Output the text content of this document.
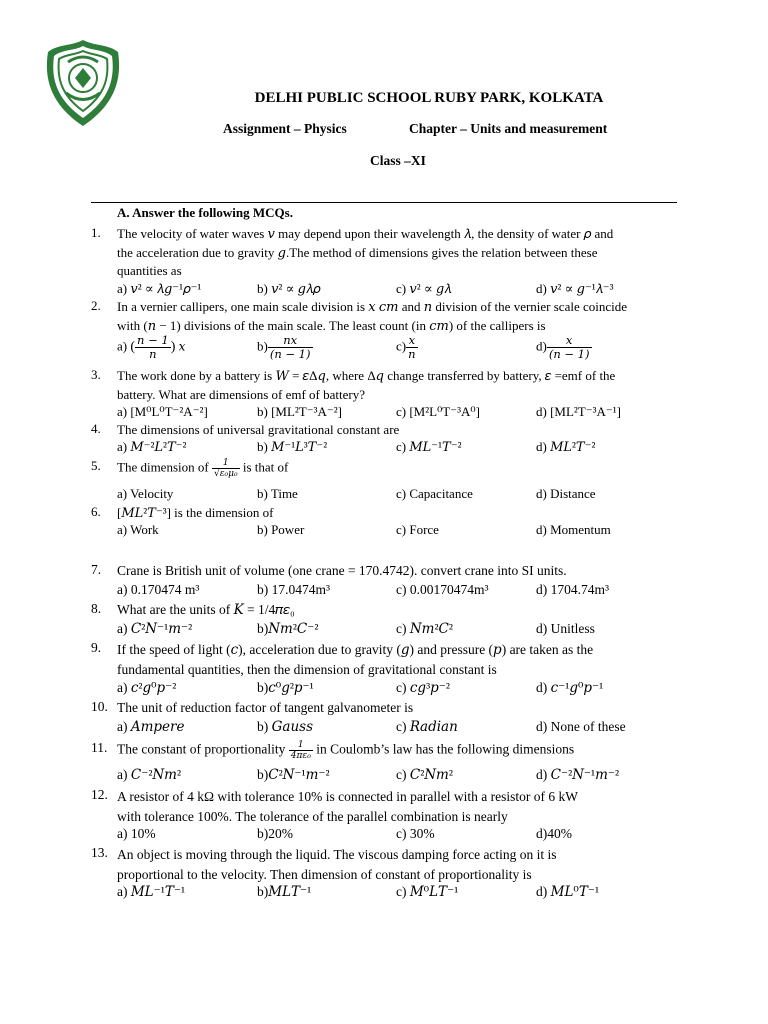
DELHI PUBLIC SCHOOL RUBY PARK, KOLKATA
Assignment – Physics	Chapter – Units and measurement
Class –XI
A. Answer the following MCQs.
1. The velocity of water waves 𝑣 may depend upon their wavelength 𝜆, the density of water 𝜌 and
the acceleration due to gravity 𝑔.The method of dimensions gives the relation between these
quantities as
a) 𝑣² ∝ 𝜆𝑔⁻¹𝜌⁻¹	b) 𝑣² ∝ 𝑔𝜆𝜌	c) 𝑣² ∝ 𝑔𝜆	d) 𝑣² ∝ 𝑔⁻¹𝜆⁻³
2. In a vernier callipers, one main scale division is 𝑥 𝑐𝑚 and 𝑛 division of the vernier scale coincide
with (𝑛 − 1) divisions of the main scale. The least count (in 𝑐𝑚) of the callipers is
a) ( $\frac{\text{𝑛 − 1}}{\text{𝑛}}$ ) 𝑥	$b) \frac{\text{𝑛𝑥}}{\text{(𝑛 − 1)}}$	$c) \frac{\text{𝑥}}{\text{𝑛}}$	$d) \frac{\text{𝑥}}{\text{(𝑛 − 1)}}$
3. The work done by a battery is 𝑊 = 𝜀Δ𝑞, where Δ𝑞 change transferred by battery, 𝜀 =emf of the
battery. What are dimensions of emf of battery?
a) [M⁰L⁰T⁻²A⁻²]	b) [ML²T⁻³A⁻²]	c) [M²L⁰T⁻³A⁰]	d) [ML²T⁻³A⁻¹]
4. The dimensions of universal gravitational constant are
a) 𝑀⁻²𝐿²𝑇⁻²	b) 𝑀⁻¹𝐿³𝑇⁻²	c) 𝑀𝐿⁻¹𝑇⁻²	d) 𝑀𝐿²𝑇⁻²
5. The dimension of $\frac{1}{\text{√𝜀₀𝜇₀}}$ is that of
a) Velocity	b) Time	c) Capacitance	d) Distance
6. [𝑀𝐿²𝑇⁻³] is the dimension of
a) Work	b) Power	c) Force	d) Momentum
7. Crane is British unit of volume (one crane = 170.4742). convert crane into SI units.
a) 0.170474 m³	b) 17.0474m³	c) 0.00170474m³	d) 1704.74m³
8. What are the units of 𝐾 = 1/4𝜋𝜀₀
a) 𝐶²𝑁⁻¹𝑚⁻²	b)𝑁𝑚²𝐶⁻²	c) 𝑁𝑚²𝐶²	d) Unitless
9. If the speed of light (𝑐), acceleration due to gravity (𝑔) and pressure (𝑝) are taken as the
fundamental quantities, then the dimension of gravitational constant is
a) 𝑐²𝑔⁰𝑝⁻²	b)𝑐⁰𝑔²𝑝⁻¹	c) 𝑐𝑔³𝑝⁻²	d) 𝑐⁻¹𝑔⁰𝑝⁻¹
10. The unit of reduction factor of tangent galvanometer is
a) 𝐴𝑚𝑝𝑒𝑟𝑒	b) 𝐺𝑎𝑢𝑠𝑠	c) 𝑅𝑎𝑑𝑖𝑎𝑛	d) None of these
11. The constant of proportionality $\frac{1}{\text{4𝜋𝜀₀}}$ in Coulomb’s law has the following dimensions
a) 𝐶⁻²𝑁𝑚²	b)𝐶²𝑁⁻¹𝑚⁻²	c) 𝐶²𝑁𝑚²	d) 𝐶⁻²𝑁⁻¹𝑚⁻²
12. A resistor of 4 kΩ with tolerance 10% is connected in parallel with a resistor of 6 kW
with tolerance 100%. The tolerance of the parallel combination is nearly
a) 10%	b)20%	c) 30%	d)40%
13. An object is moving through the liquid. The viscous damping force acting on it is
proportional to the velocity. Then dimension of constant of proportionality is
a) 𝑀𝐿⁻¹𝑇⁻¹	b)𝑀𝐿𝑇⁻¹	c) 𝑀⁰𝐿𝑇⁻¹	d) 𝑀𝐿⁰𝑇⁻¹
